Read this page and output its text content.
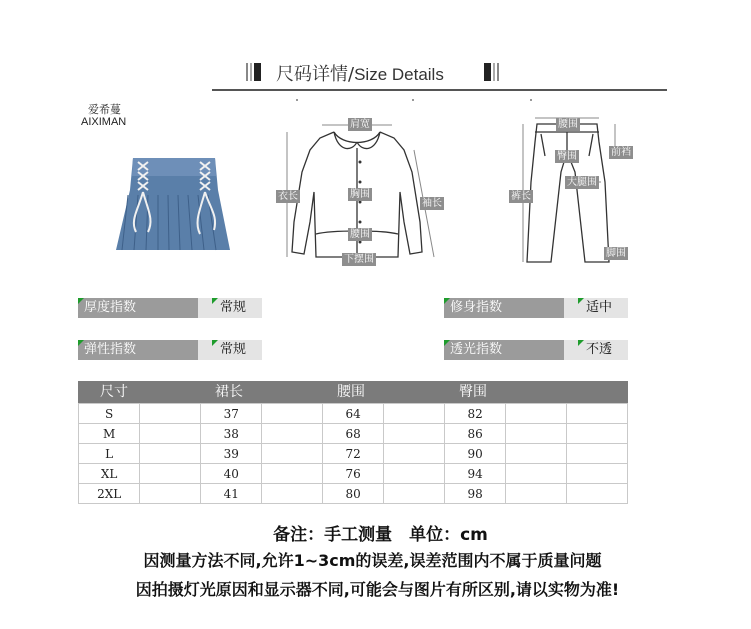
尺码详情/Size Details
爱希蔓
AIXIMAN	肩宽
衣长	胸围
袖长
腰围
下摆围
腰围
臀围	前裆
裤长
大腿围
脚围
厚度指数	常规	修身指数	适中
弹性指数	常规	透光指数	不透
尺寸	裙长	腰围	臀围
S		37		64		82		
M		38		68		86		
L		39		72		90		
XL		40		76		94		
2XL		41		80		98		
备注：手工测量　单位：cm
因测量方法不同,允许1~3cm的误差,误差范围内不属于质量问题
因拍摄灯光原因和显示器不同,可能会与图片有所区别,请以实物为准!
